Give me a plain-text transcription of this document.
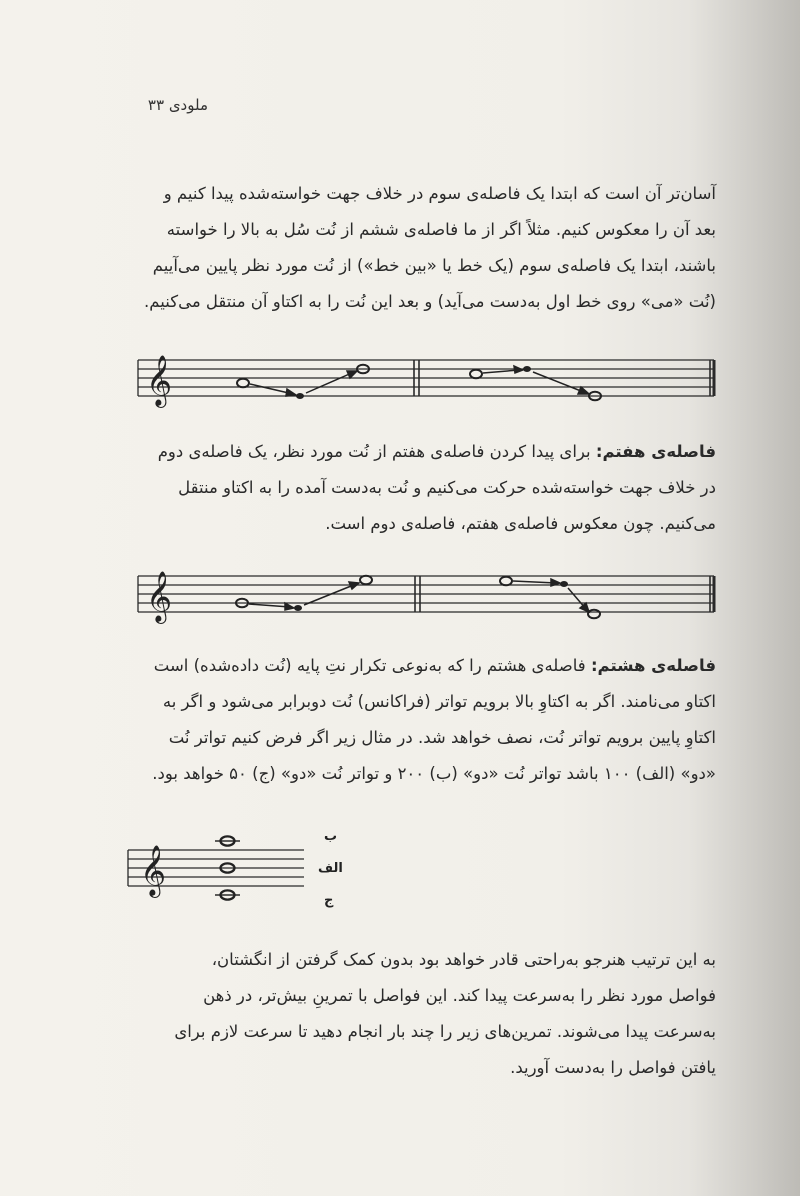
ملودی ۳۳
آسان‌تر آن است که ابتدا یک فاصله‌ی سوم در خلاف جهت خواسته‌شده پیدا کنیم و
بعد آن را معکوس کنیم. مثلاً اگر از ما فاصله‌ی ششم از نُت سُل به بالا را خواسته
باشند، ابتدا یک فاصله‌ی سوم (یک خط یا «بین خط») از نُت مورد نظر پایین می‌آییم
(نُت «می» روی خط اول به‌دست می‌آید) و بعد این نُت را به اکتاو آن منتقل می‌کنیم.
𝄞
فاصله‌ی هفتم: برای پیدا کردن فاصله‌ی هفتم از نُت مورد نظر، یک فاصله‌ی دوم
در خلاف جهت خواسته‌شده حرکت می‌کنیم و نُت به‌دست آمده را به اکتاو منتقل
می‌کنیم. چون معکوس فاصله‌ی هفتم، فاصله‌ی دوم است.
𝄞
فاصله‌ی هشتم: فاصله‌ی هشتم را که به‌نوعی تکرار نتِ پایه (نُت داده‌شده) است
اکتاو می‌نامند. اگر به اکتاوِ بالا برویم تواتر (فراکانس) نُت دوبرابر می‌شود و اگر به
اکتاوِ پایین برویم تواتر نُت، نصف خواهد شد. در مثال زیر اگر فرض کنیم تواتر نُت
«دو» (الف) ۱۰۰ باشد تواتر نُت «دو» (ب) ۲۰۰ و تواتر نُت «دو» (ج) ۵۰ خواهد بود.
𝄞
ب
الف
ج
به این ترتیب هنرجو به‌راحتی قادر خواهد بود بدون کمک گرفتن از انگشتان،
فواصل مورد نظر را به‌سرعت پیدا کند. این فواصل با تمرینِ بیش‌تر، در ذهن
به‌سرعت پیدا می‌شوند. تمرین‌های زیر را چند بار انجام دهید تا سرعت لازم برای
یافتن فواصل را به‌دست آورید.
